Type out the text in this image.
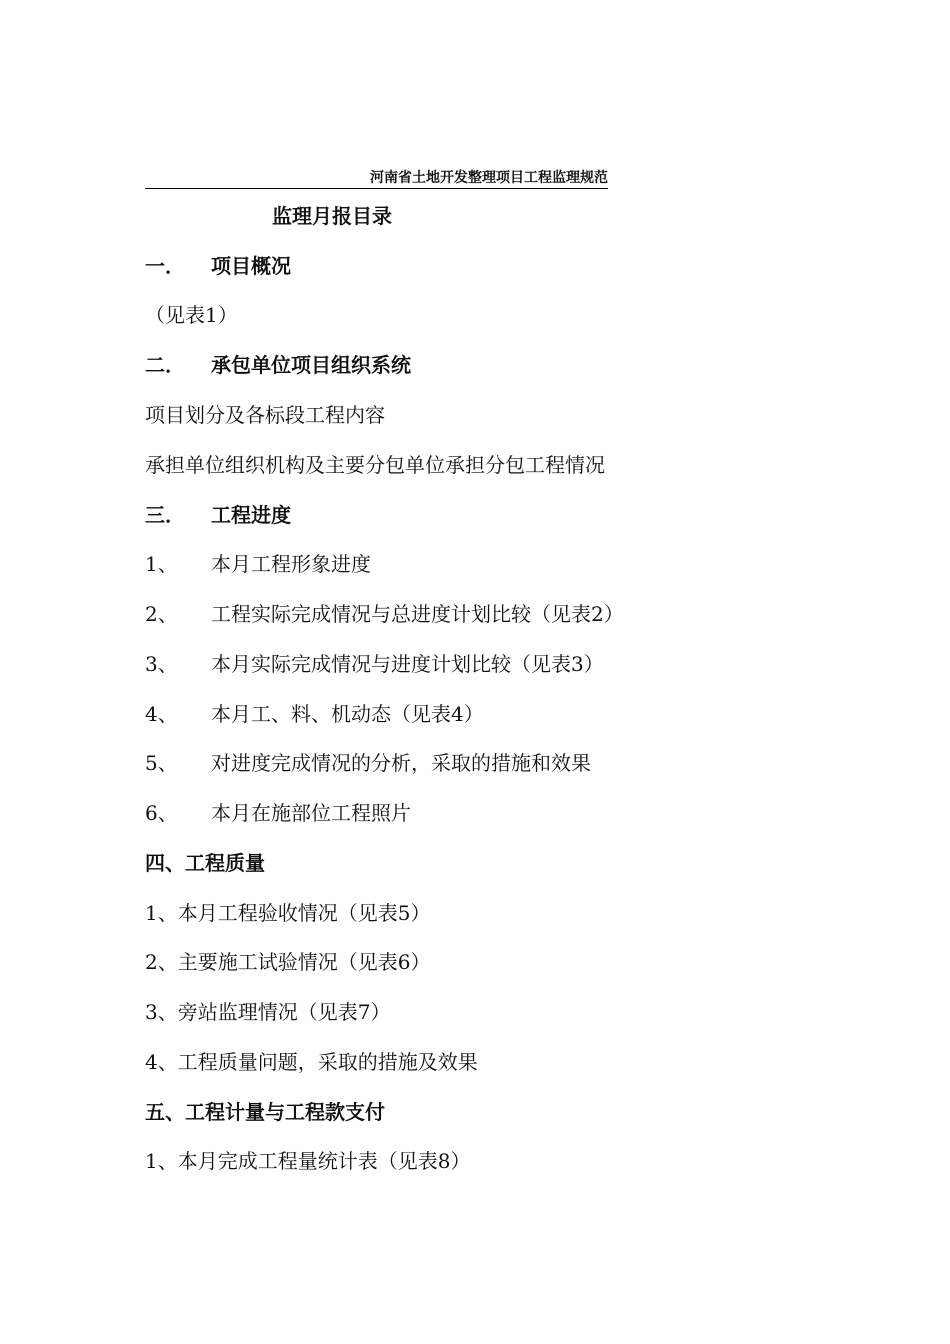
河南省土地开发整理项目工程监理规范
监理月报目录
一． 项目概况
（见表1）
二． 承包单位项目组织系统
项目划分及各标段工程内容
承担单位组织机构及主要分包单位承担分包工程情况
三． 工程进度
1、 本月工程形象进度
2、 工程实际完成情况与总进度计划比较（见表2）
3、 本月实际完成情况与进度计划比较（见表3）
4、 本月工、料、机动态（见表4）
5、 对进度完成情况的分析，采取的措施和效果
6、 本月在施部位工程照片
四、工程质量
1、本月工程验收情况（见表5）
2、主要施工试验情况（见表6）
3、旁站监理情况（见表7）
4、工程质量问题，采取的措施及效果
五、工程计量与工程款支付
1、本月完成工程量统计表（见表8）
